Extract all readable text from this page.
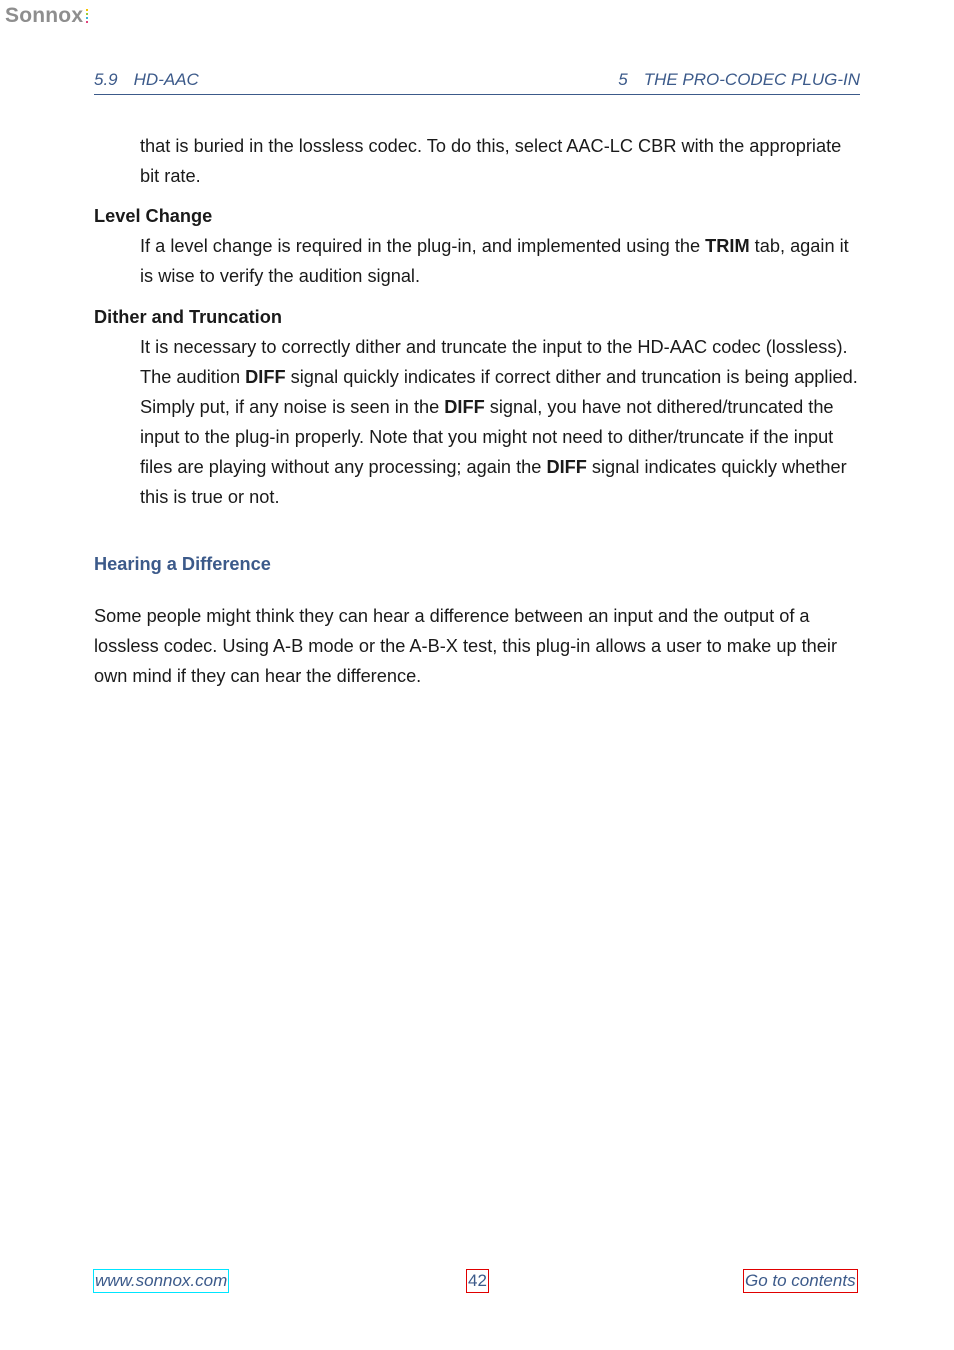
Sonnox
5.9 HD-AAC	5 THE PRO-CODEC PLUG-IN

that is buried in the lossless codec. To do this, select AAC-LC CBR with the appropriate bit rate.

Level Change

If a level change is required in the plug-in, and implemented using the TRIM tab, again it is wise to verify the audition signal.

Dither and Truncation

It is necessary to correctly dither and truncate the input to the HD-AAC codec (lossless). The audition DIFF signal quickly indicates if correct dither and truncation is being applied. Simply put, if any noise is seen in the DIFF signal, you have not dithered/truncated the input to the plug-in properly. Note that you might not need to dither/truncate if the input files are playing without any processing; again the DIFF signal indicates quickly whether this is true or not.

Hearing a Difference

Some people might think they can hear a difference between an input and the output of a lossless codec. Using A-B mode or the A-B-X test, this plug-in allows a user to make up their own mind if they can hear the difference.

www.sonnox.com	42	Go to contents
